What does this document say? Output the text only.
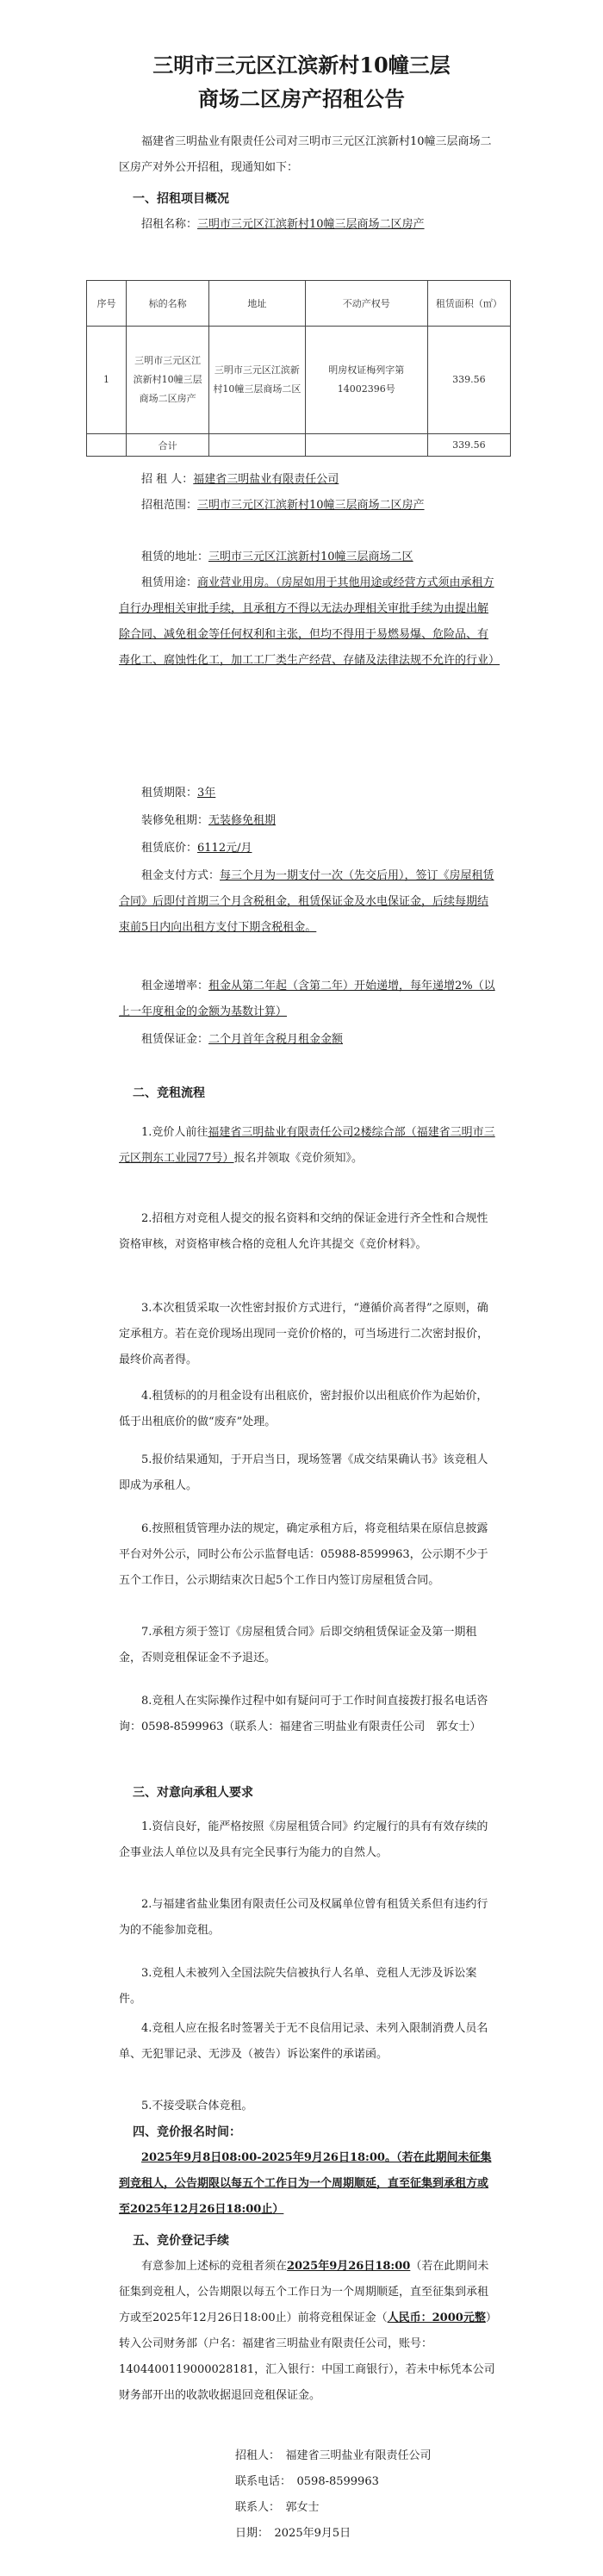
三明市三元区江滨新村10幢三层
商场二区房产招租公告
福建省三明盐业有限责任公司对三明市三元区江滨新村10幢三层商场二区房产对外公开招租，现通知如下：
一、招租项目概况
招租名称：三明市三元区江滨新村10幢三层商场二区房产
序号	标的名称	地址	不动产权号	租赁面积（㎡）
1	三明市三元区江滨新村10幢三层商场二区房产	三明市三元区江滨新村10幢三层商场二区	明房权证梅列字第14002396号	339.56
	合计			339.56
招 租 人：福建省三明盐业有限责任公司
招租范围：三明市三元区江滨新村10幢三层商场二区房产
租赁的地址：三明市三元区江滨新村10幢三层商场二区
租赁用途：商业营业用房。（房屋如用于其他用途或经营方式须由承租方自行办理相关审批手续，且承租方不得以无法办理相关审批手续为由提出解除合同、减免租金等任何权利和主张，但均不得用于易燃易爆、危险品、有毒化工、腐蚀性化工，加工工厂类生产经营、存储及法律法规不允许的行业）
租赁期限：3年
装修免租期：无装修免租期
租赁底价：6112元/月
租金支付方式：每三个月为一期支付一次（先交后用），签订《房屋租赁合同》后即付首期三个月含税租金，租赁保证金及水电保证金，后续每期结束前5日内向出租方支付下期含税租金。
租金递增率：租金从第二年起（含第二年）开始递增，每年递增2%（以上一年度租金的金额为基数计算）
租赁保证金：二个月首年含税月租金金额
二、竞租流程
1.竞价人前往福建省三明盐业有限责任公司2楼综合部（福建省三明市三元区荆东工业园77号）报名并领取《竞价须知》。
2.招租方对竞租人提交的报名资料和交纳的保证金进行齐全性和合规性资格审核，对资格审核合格的竞租人允许其提交《竞价材料》。
3.本次租赁采取一次性密封报价方式进行，“遵循价高者得”之原则，确定承租方。若在竞价现场出现同一竞价价格的，可当场进行二次密封报价，最终价高者得。
4.租赁标的的月租金设有出租底价，密封报价以出租底价作为起始价，低于出租底价的做“废弃”处理。
5.报价结果通知，于开启当日，现场签署《成交结果确认书》该竞租人即成为承租人。
6.按照租赁管理办法的规定，确定承租方后，将竞租结果在原信息披露平台对外公示，同时公布公示监督电话：05988-8599963，公示期不少于五个工作日，公示期结束次日起5个工作日内签订房屋租赁合同。
7.承租方须于签订《房屋租赁合同》后即交纳租赁保证金及第一期租金，否则竞租保证金不予退还。
8.竞租人在实际操作过程中如有疑问可于工作时间直接拨打报名电话咨询：0598-8599963（联系人：福建省三明盐业有限责任公司　郭女士）
三、对意向承租人要求
1.资信良好，能严格按照《房屋租赁合同》约定履行的具有有效存续的企事业法人单位以及具有完全民事行为能力的自然人。
2.与福建省盐业集团有限责任公司及权属单位曾有租赁关系但有违约行为的不能参加竞租。
3.竞租人未被列入全国法院失信被执行人名单、竞租人无涉及诉讼案件。
4.竞租人应在报名时签署关于无不良信用记录、未列入限制消费人员名单、无犯罪记录、无涉及（被告）诉讼案件的承诺函。
5.不接受联合体竞租。
四、竞价报名时间：
2025年9月8日08:00-2025年9月26日18:00。（若在此期间未征集到竞租人，公告期限以每五个工作日为一个周期顺延，直至征集到承租方或至2025年12月26日18:00止）
五、竞价登记手续
有意参加上述标的竞租者须在2025年9月26日18:00（若在此期间未征集到竞租人，公告期限以每五个工作日为一个周期顺延，直至征集到承租方或至2025年12月26日18:00止）前将竞租保证金（人民币：2000元整）转入公司财务部（户名：福建省三明盐业有限责任公司，账号：1404400119000028181，汇入银行：中国工商银行），若未中标凭本公司财务部开出的收款收据退回竞租保证金。
招租人：　福建省三明盐业有限责任公司
联系电话：　0598-8599963
联系人：　郭女士
日期：　2025年9月5日
